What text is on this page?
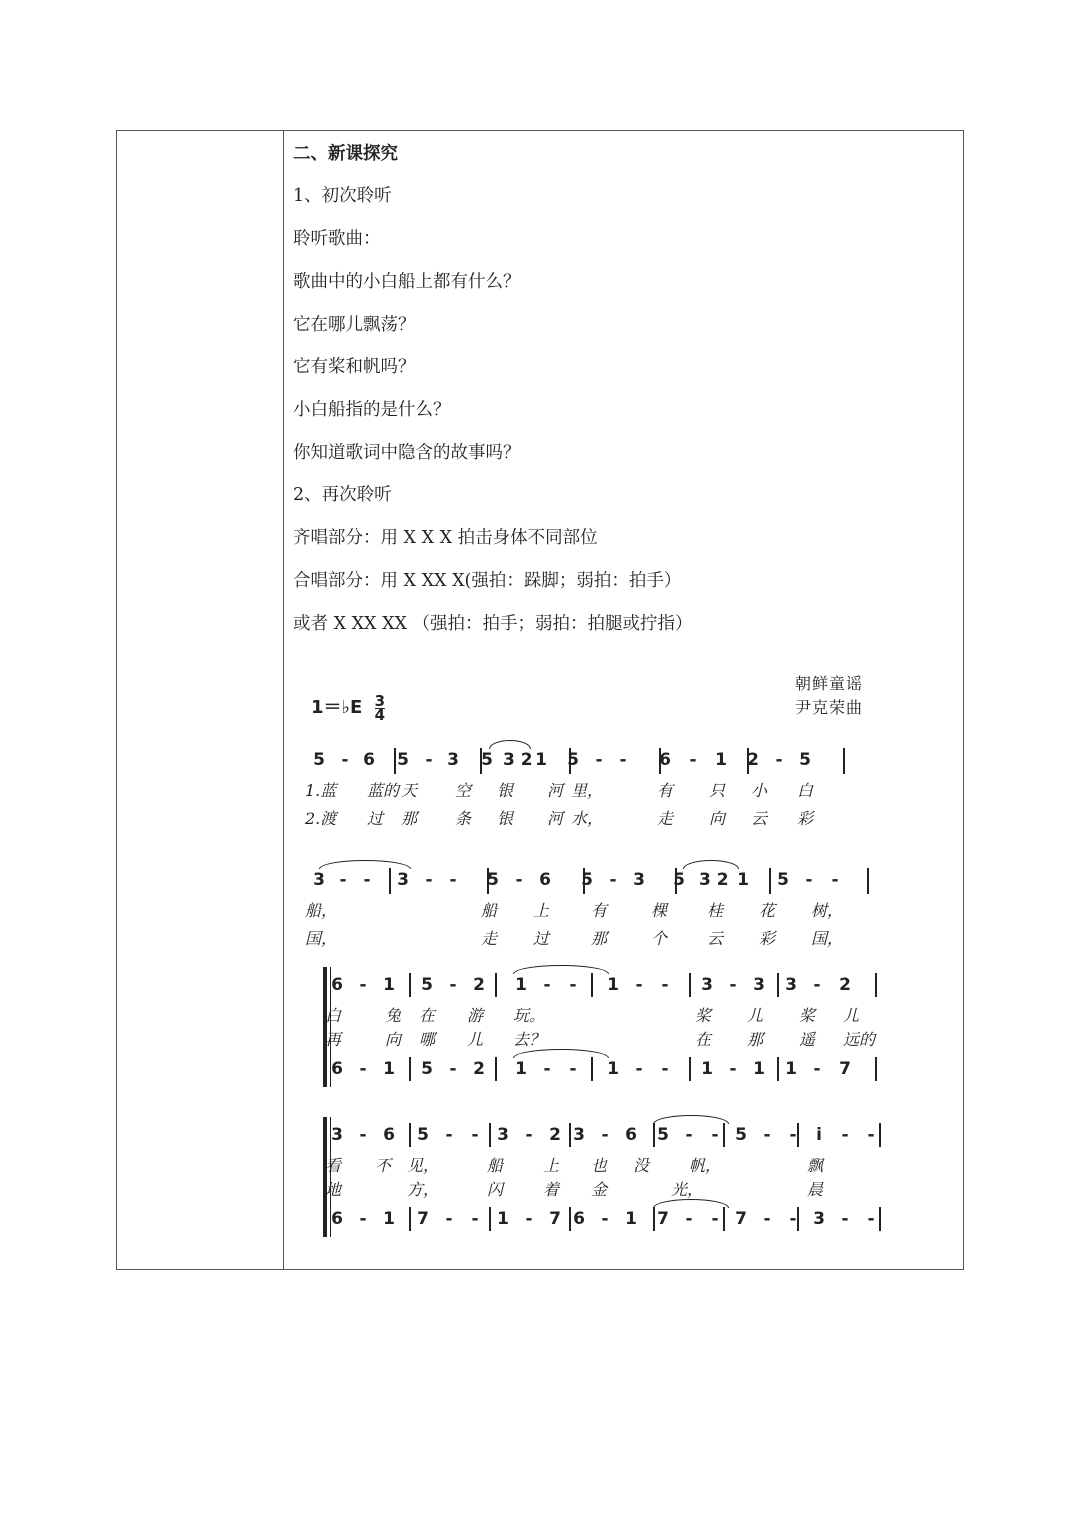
二、新课探究
1、初次聆听
聆听歌曲：
歌曲中的小白船上都有什么？
它在哪儿飘荡？
它有桨和帆吗？
小白船指的是什么？
你知道歌词中隐含的故事吗？
2、再次聆听
齐唱部分：用 X X X 拍击身体不同部位
合唱部分：用 X XX X(强拍：跺脚；弱拍：拍手）
或者 X XX XX （强拍：拍手；弱拍：拍腿或拧指）
1＝♭E $\frac{3}{4}$
朝鲜童谣
尹克荣曲
5 - 6	5 - 3	5 3 2 1	5 - -	6	-	1	2 - 5
1.蓝 蓝的 天 空 银 河 里，	有 只 小 白
2.渡 过 那 条 银 河 水，	走 向 云 彩
3 - -	3 - -	5 - 6	5 - 3	5 3 2 1	5 -	-
船，	船 上	有	棵 桂 花 树，
国，	走 过	那	个 云 彩 国，
6 - 1	5 - 2	1 -	-	1 -	-	3 - 3	3 -	2
6 - 1	5 - 2	1 -	-	1 -	-	1 - 1	1 -	7
白	兔 在 游 玩。	桨 儿 桨 儿
再	向 哪 儿 去？	在 那 遥 远的
3 - 6	5 -	-	3 - 2 3 - 6	5 -	- 5 -	-	i	-	-
6 - 1	7 -	-	1 - 7 6 - 1	7 -	- 7 -	- 3 -	-
看 不 见，	船 上 也 没 帆，	飘
地	方，	闪 着 金	光，	晨
